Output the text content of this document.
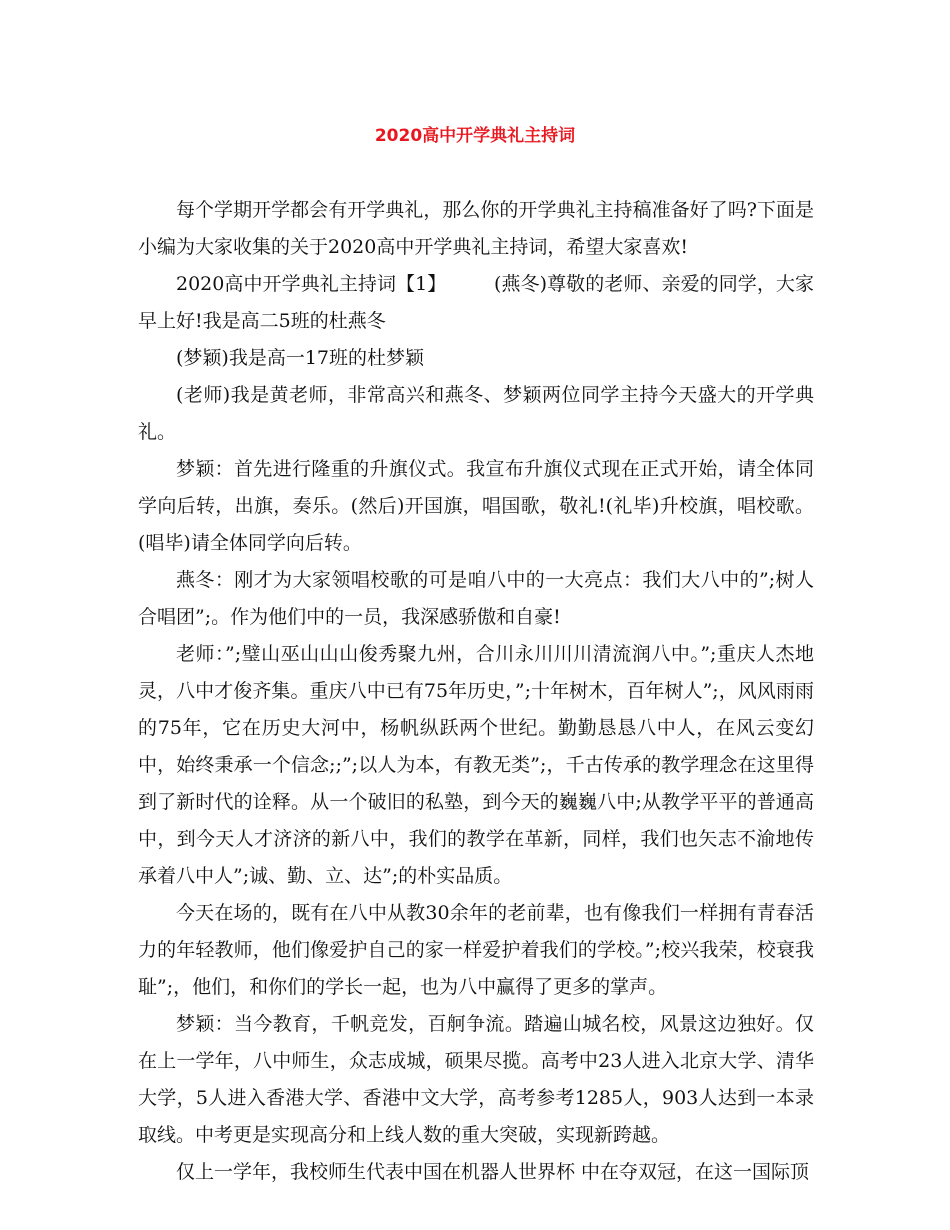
2020高中开学典礼主持词

每个学期开学都会有开学典礼，那么你的开学典礼主持稿准备好了吗?下面是小编为大家收集的关于2020高中开学典礼主持词，希望大家喜欢!

2020高中开学典礼主持词【1】　　　(燕冬)尊敬的老师、亲爱的同学，大家早上好!我是高二5班的杜燕冬

(梦颖)我是高一17班的杜梦颖

(老师)我是黄老师，非常高兴和燕冬、梦颖两位同学主持今天盛大的开学典礼。

梦颖：首先进行隆重的升旗仪式。我宣布升旗仪式现在正式开始，请全体同学向后转，出旗，奏乐。(然后)开国旗，唱国歌，敬礼!(礼毕)升校旗，唱校歌。(唱毕)请全体同学向后转。

燕冬：刚才为大家领唱校歌的可是咱八中的一大亮点：我们大八中的”;树人合唱团”;。作为他们中的一员，我深感骄傲和自豪!

老师：”;璧山巫山山山俊秀聚九州，合川永川川川清流润八中。”;重庆人杰地灵，八中才俊齐集。重庆八中已有75年历史，”;十年树木，百年树人”;，风风雨雨的75年，它在历史大河中，杨帆纵跃两个世纪。勤勤恳恳八中人，在风云变幻中，始终秉承一个信念;;”;以人为本，有教无类”;，千古传承的教学理念在这里得到了新时代的诠释。从一个破旧的私塾，到今天的巍巍八中;从教学平平的普通高中，到今天人才济济的新八中，我们的教学在革新，同样，我们也矢志不渝地传承着八中人”;诚、勤、立、达”;的朴实品质。

今天在场的，既有在八中从教30余年的老前辈，也有像我们一样拥有青春活力的年轻教师，他们像爱护自己的家一样爱护着我们的学校。”;校兴我荣，校衰我耻”;，他们，和你们的学长一起，也为八中赢得了更多的掌声。

梦颖：当今教育，千帆竞发，百舸争流。踏遍山城名校，风景这边独好。仅在上一学年，八中师生，众志成城，硕果尽揽。高考中23人进入北京大学、清华大学，5人进入香港大学、香港中文大学，高考参考1285人，903人达到一本录取线。中考更是实现高分和上线人数的重大突破，实现新跨越。

仅上一学年，我校师生代表中国在机器人世界杯 中在夺双冠，在这一国际顶
